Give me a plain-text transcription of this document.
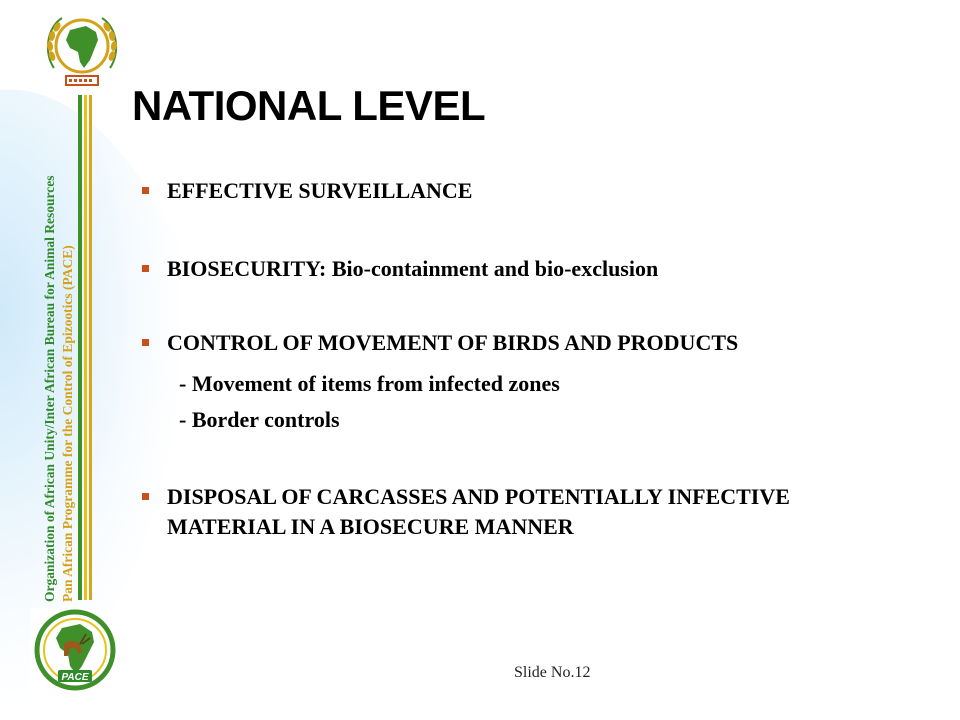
Organization of African Unity/Inter African Bureau for Animal Resources Pan African Programme for the Control of Epizootics (PACE)
NATIONAL LEVEL
EFFECTIVE SURVEILLANCE
BIOSECURITY: Bio-containment and bio-exclusion
CONTROL OF MOVEMENT OF BIRDS AND PRODUCTS
- Movement of items from infected zones
- Border controls
DISPOSAL OF CARCASSES AND POTENTIALLY INFECTIVE MATERIAL IN A BIOSECURE MANNER
PACE	Slide No.12
